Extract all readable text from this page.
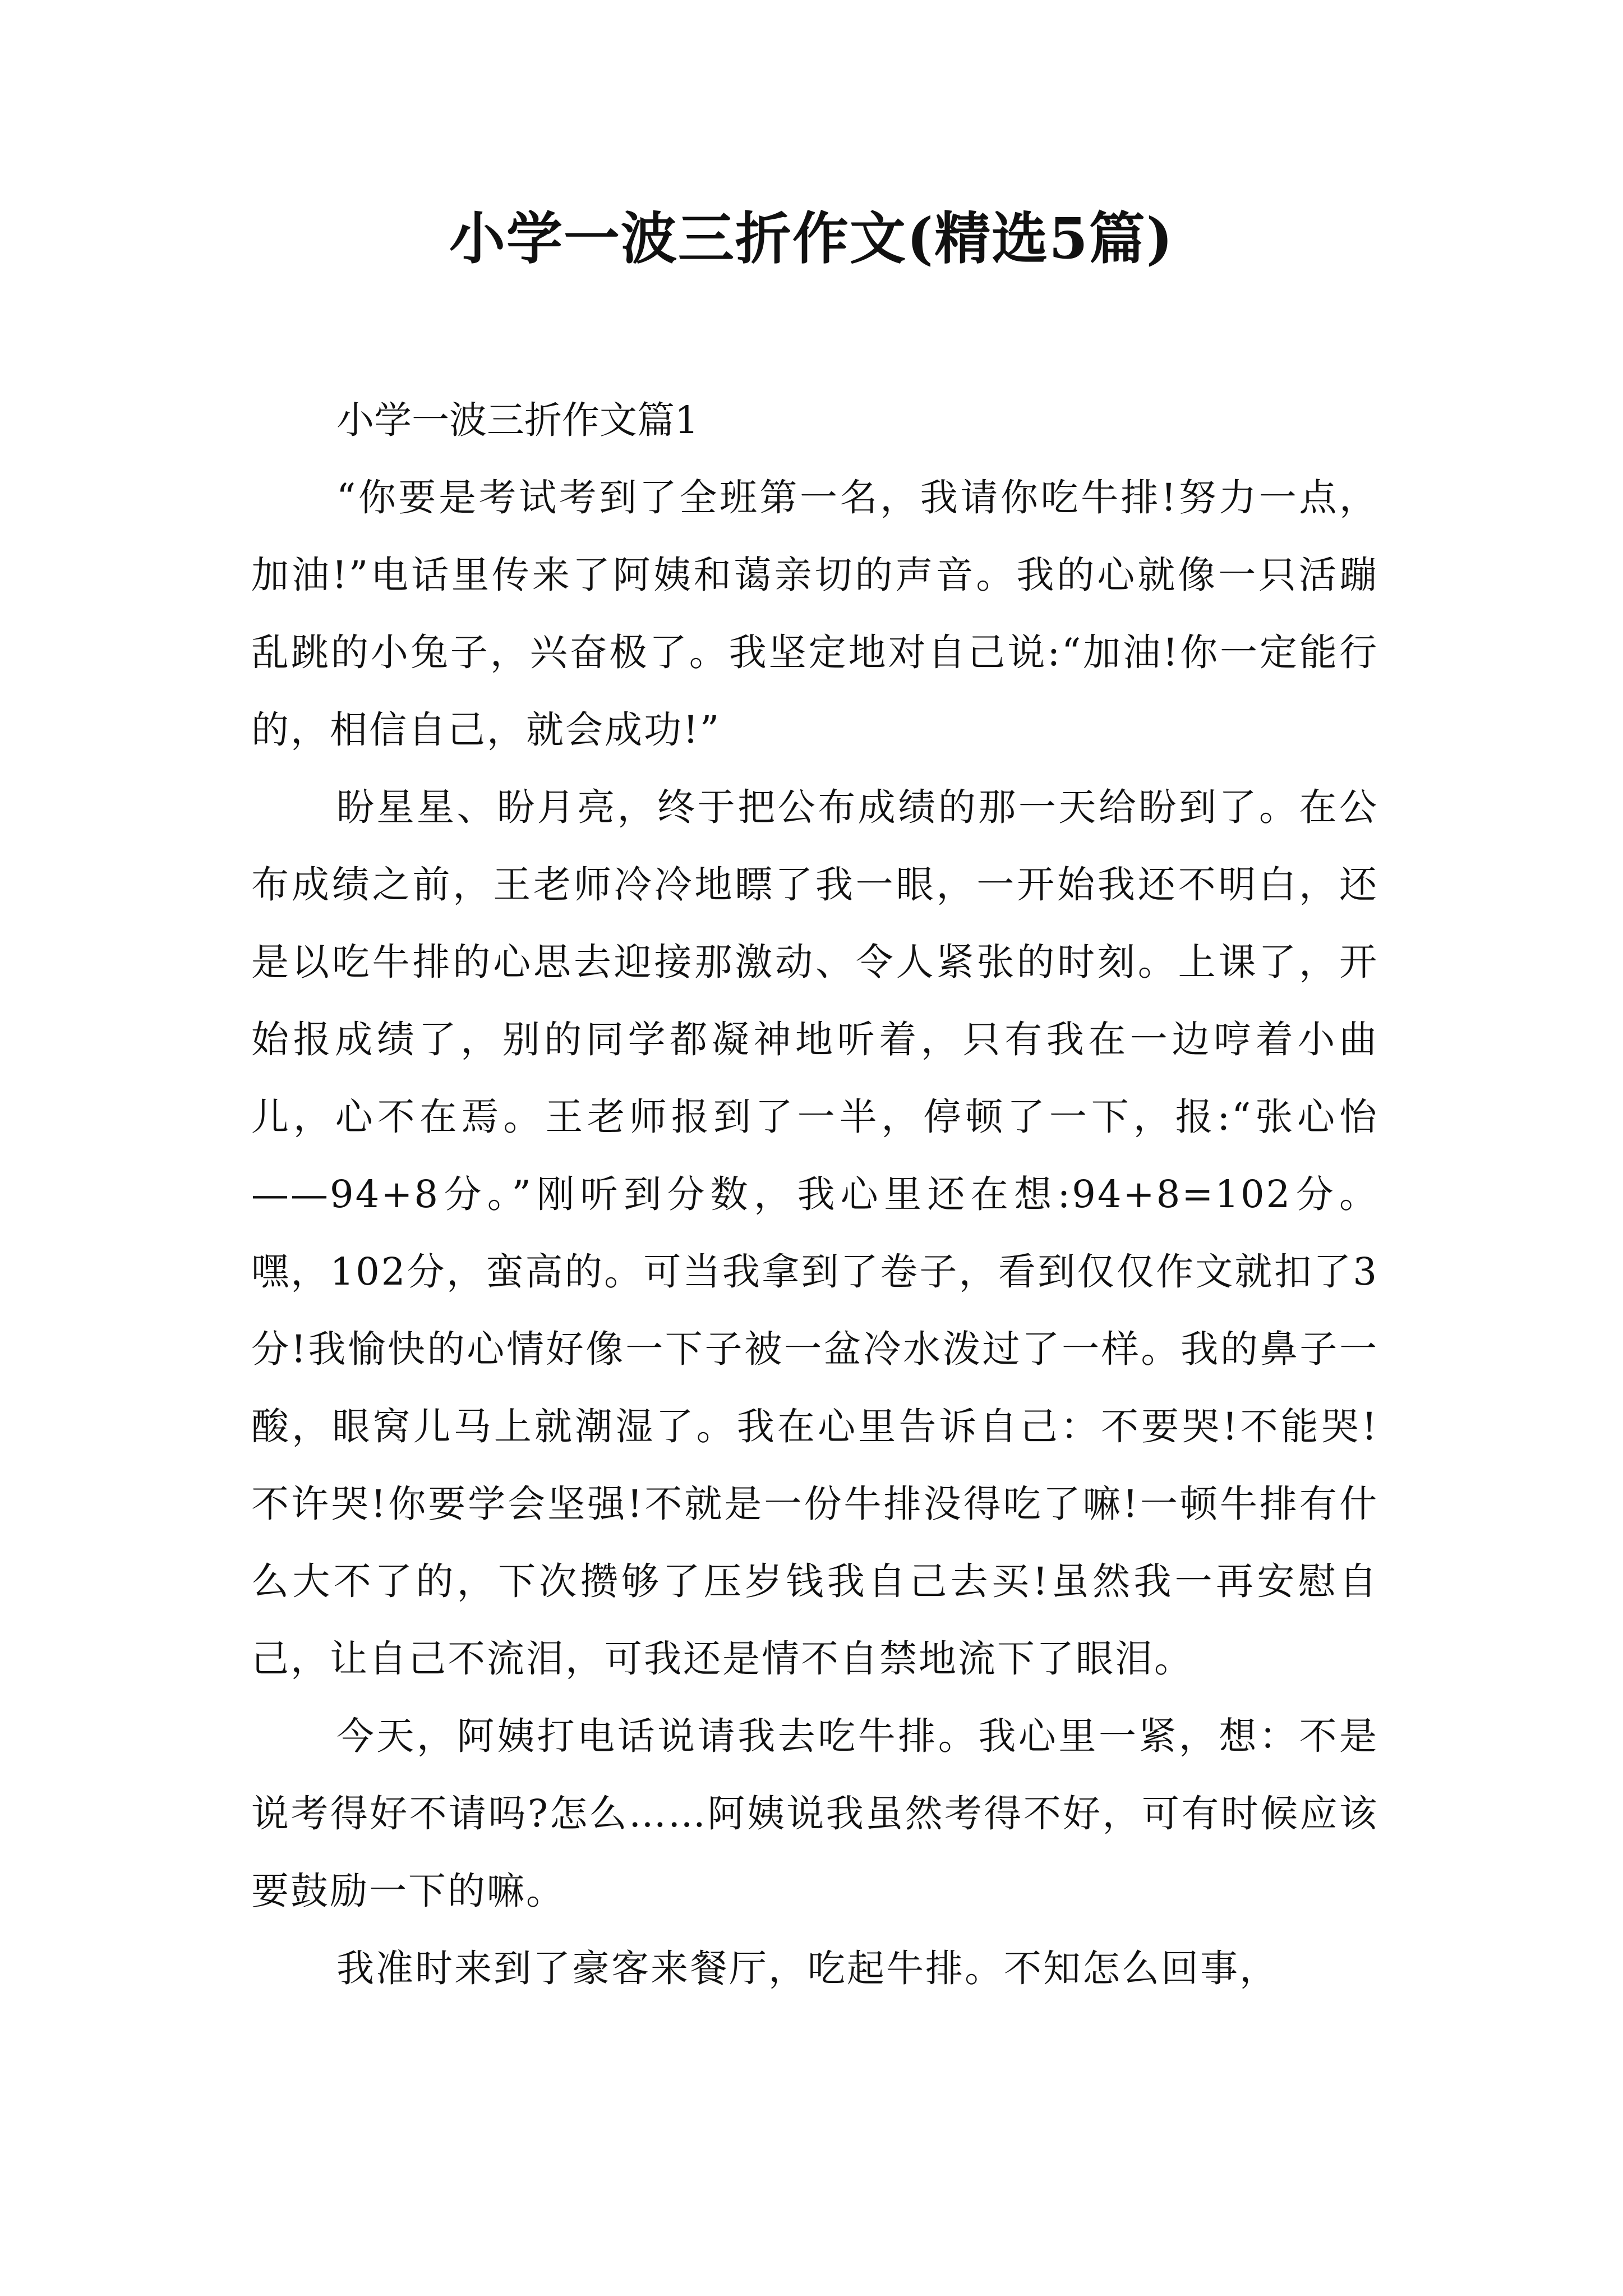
小学一波三折作文(精选5篇)
小学一波三折作文篇1

“你要是考试考到了全班第一名，我请你吃牛排!努力一点，加油!”电话里传来了阿姨和蔼亲切的声音。我的心就像一只活蹦乱跳的小兔子，兴奋极了。我坚定地对自己说:“加油!你一定能行的，相信自己，就会成功!”

盼星星、盼月亮，终于把公布成绩的那一天给盼到了。在公布成绩之前，王老师冷冷地瞟了我一眼，一开始我还不明白，还是以吃牛排的心思去迎接那激动、令人紧张的时刻。上课了，开始报成绩了，别的同学都凝神地听着，只有我在一边哼着小曲儿，心不在焉。王老师报到了一半，停顿了一下，报:“张心怡——94+8分。”刚听到分数，我心里还在想:94+8=102分。嘿，102分，蛮高的。可当我拿到了卷子，看到仅仅作文就扣了3分!我愉快的心情好像一下子被一盆冷水泼过了一样。我的鼻子一酸，眼窝儿马上就潮湿了。我在心里告诉自己：不要哭!不能哭!不许哭!你要学会坚强!不就是一份牛排没得吃了嘛!一顿牛排有什么大不了的，下次攒够了压岁钱我自己去买!虽然我一再安慰自己，让自己不流泪，可我还是情不自禁地流下了眼泪。

今天，阿姨打电话说请我去吃牛排。我心里一紧，想：不是说考得好不请吗?怎么……阿姨说我虽然考得不好，可有时候应该要鼓励一下的嘛。

我准时来到了豪客来餐厅，吃起牛排。不知怎么回事，
